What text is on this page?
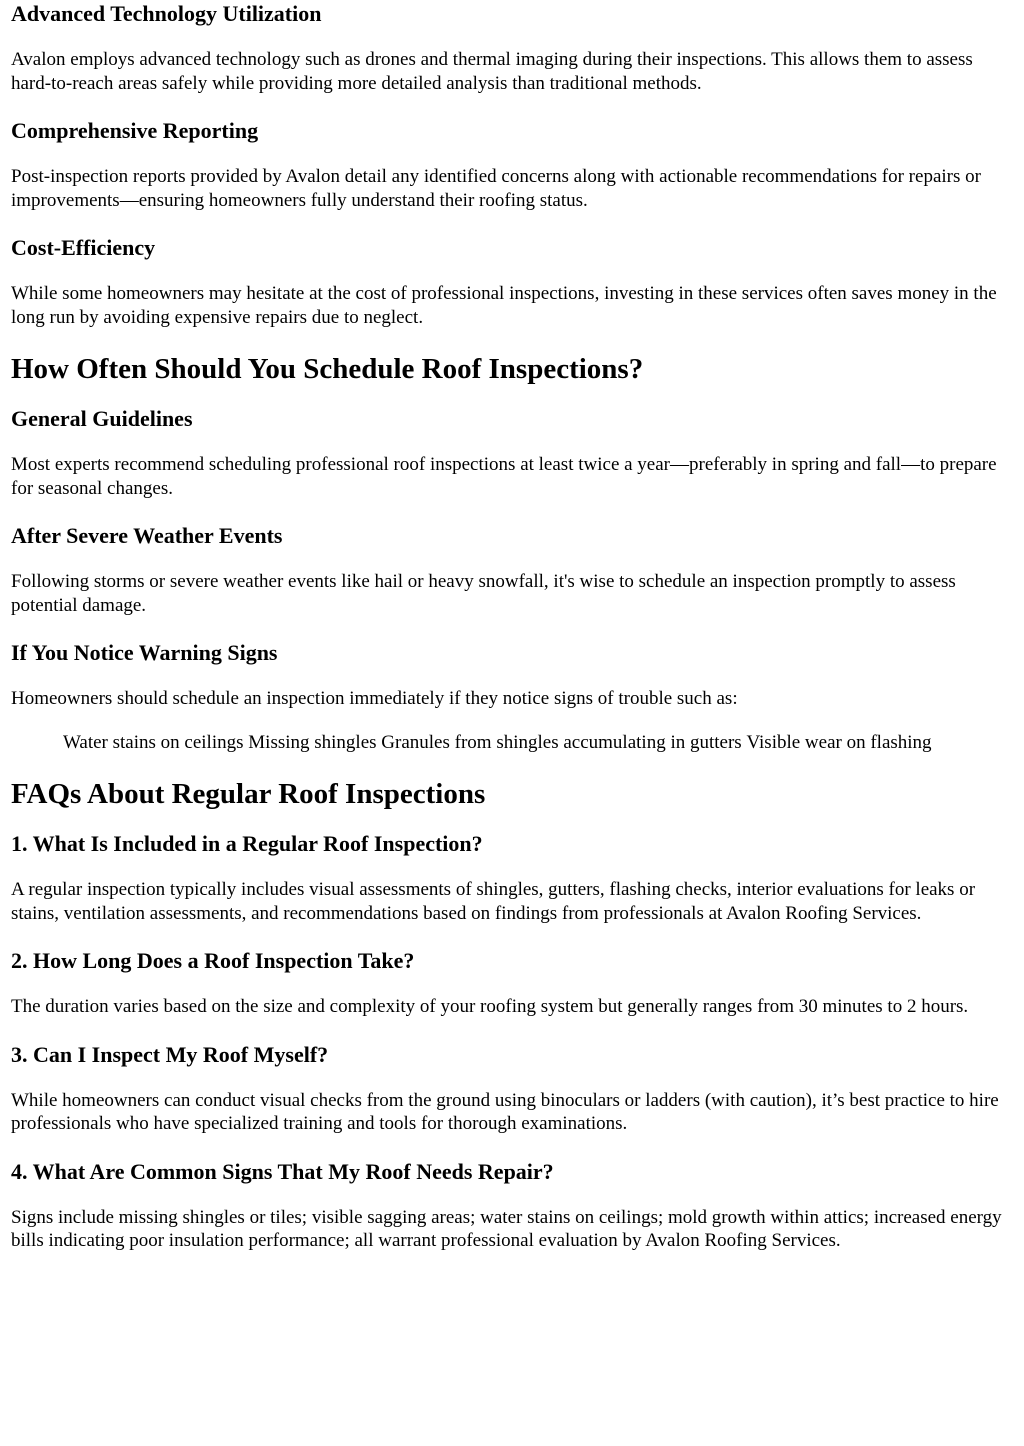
Advanced Technology Utilization

Avalon employs advanced technology such as drones and thermal imaging during their inspections. This allows them to assess hard-to-reach areas safely while providing more detailed analysis than traditional methods.

Comprehensive Reporting

Post-inspection reports provided by Avalon detail any identified concerns along with actionable recommendations for repairs or improvements—ensuring homeowners fully understand their roofing status.

Cost-Efficiency

While some homeowners may hesitate at the cost of professional inspections, investing in these services often saves money in the long run by avoiding expensive repairs due to neglect.

How Often Should You Schedule Roof Inspections?
General Guidelines

Most experts recommend scheduling professional roof inspections at least twice a year—preferably in spring and fall—to prepare for seasonal changes.

After Severe Weather Events

Following storms or severe weather events like hail or heavy snowfall, it's wise to schedule an inspection promptly to assess potential damage.

If You Notice Warning Signs

Homeowners should schedule an inspection immediately if they notice signs of trouble such as:

Water stains on ceilings Missing shingles Granules from shingles accumulating in gutters Visible wear on flashing
FAQs About Regular Roof Inspections
1. What Is Included in a Regular Roof Inspection?

A regular inspection typically includes visual assessments of shingles, gutters, flashing checks, interior evaluations for leaks or stains, ventilation assessments, and recommendations based on findings from professionals at Avalon Roofing Services.

2. How Long Does a Roof Inspection Take?

The duration varies based on the size and complexity of your roofing system but generally ranges from 30 minutes to 2 hours.

3. Can I Inspect My Roof Myself?

While homeowners can conduct visual checks from the ground using binoculars or ladders (with caution), it’s best practice to hire professionals who have specialized training and tools for thorough examinations.

4. What Are Common Signs That My Roof Needs Repair?

Signs include missing shingles or tiles; visible sagging areas; water stains on ceilings; mold growth within attics; increased energy bills indicating poor insulation performance; all warrant professional evaluation by Avalon Roofing Services.
